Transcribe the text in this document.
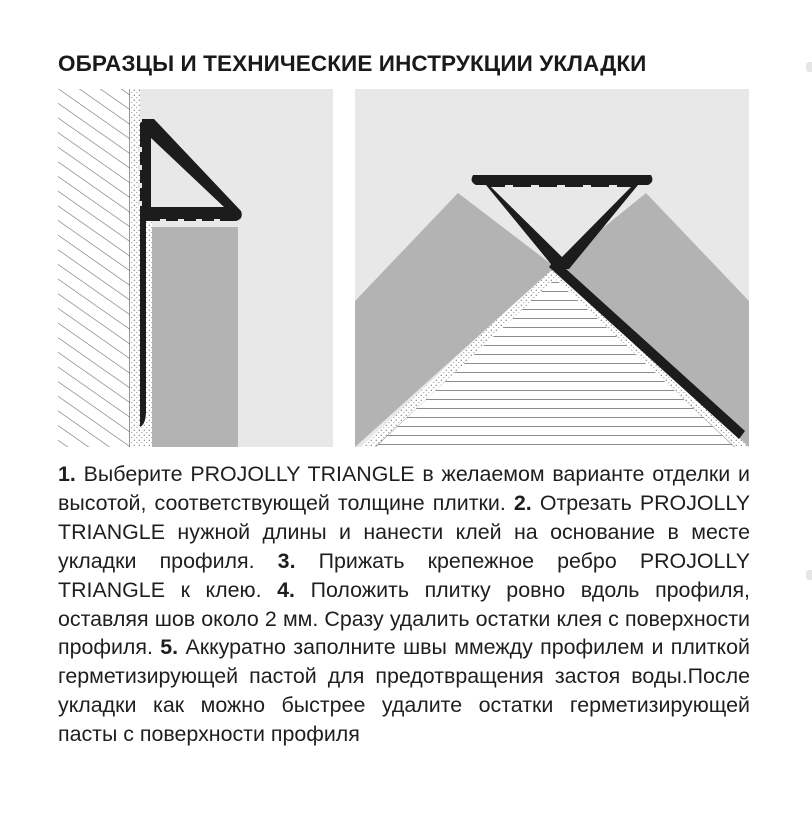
ОБРАЗЦЫ И ТЕХНИЧЕСКИЕ ИНСТРУКЦИИ УКЛАДКИ

1. Выберите PROJOLLY TRIANGLE в желаемом варианте отделки и высотой, соответствующей толщине плитки. 2. Отрезать PROJOLLY TRIANGLE нужной длины и нанести клей на основание в месте укладки профиля. 3. Прижать крепежное ребро PROJOLLY TRIANGLE к клею. 4. Положить плитку ровно вдоль профиля, оставляя шов около 2 мм. Сразу удалить остатки клея с поверхности профиля. 5. Аккуратно заполните швы ммежду профилем и плиткой герметизирующей пастой для предотвращения застоя воды.После укладки как можно быстрее удалите остатки герметизирующей пасты с поверхности профиля
